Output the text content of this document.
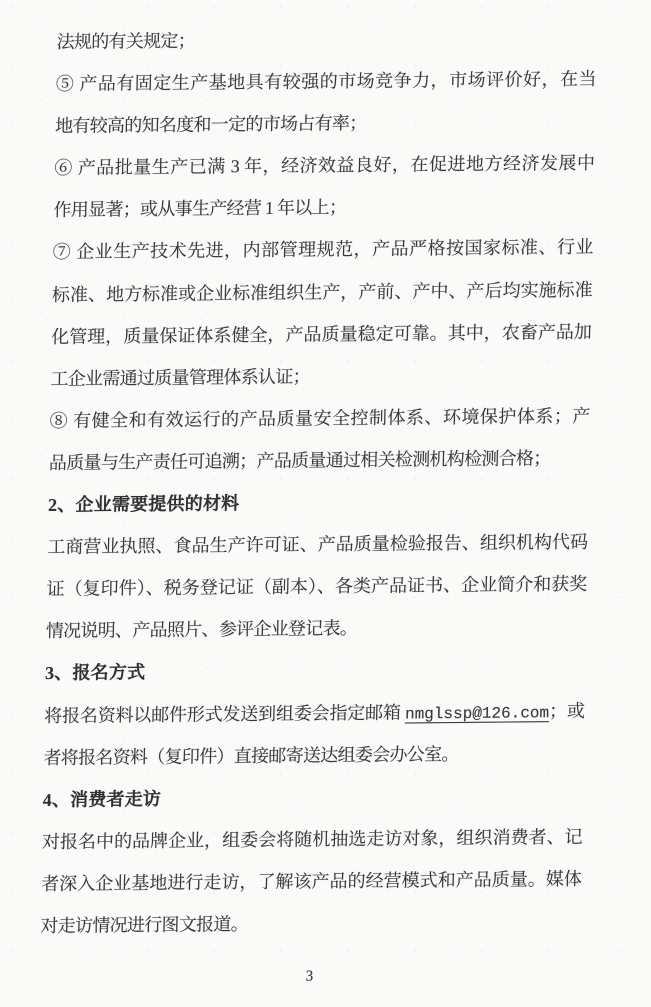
法规的有关规定；
⑤ 产品有固定生产基地具有较强的市场竞争力，市场评价好，在当
地有较高的知名度和一定的市场占有率；
⑥ 产品批量生产已满 3 年，经济效益良好，在促进地方经济发展中
作用显著；或从事生产经营 1 年以上；
⑦ 企业生产技术先进，内部管理规范，产品严格按国家标准、行业
标准、地方标准或企业标准组织生产，产前、产中、产后均实施标准
化管理，质量保证体系健全，产品质量稳定可靠。其中，农畜产品加
工企业需通过质量管理体系认证；
⑧ 有健全和有效运行的产品质量安全控制体系、环境保护体系；产
品质量与生产责任可追溯；产品质量通过相关检测机构检测合格；
2、企业需要提供的材料
工商营业执照、食品生产许可证、产品质量检验报告、组织机构代码
证（复印件）、税务登记证（副本）、各类产品证书、企业简介和获奖
情况说明、产品照片、参评企业登记表。
3、报名方式
将报名资料以邮件形式发送到组委会指定邮箱 nmglssp@126.com；或
者将报名资料（复印件）直接邮寄送达组委会办公室。
4、消费者走访
对报名中的品牌企业，组委会将随机抽选走访对象，组织消费者、记
者深入企业基地进行走访，了解该产品的经营模式和产品质量。媒体
对走访情况进行图文报道。
3
